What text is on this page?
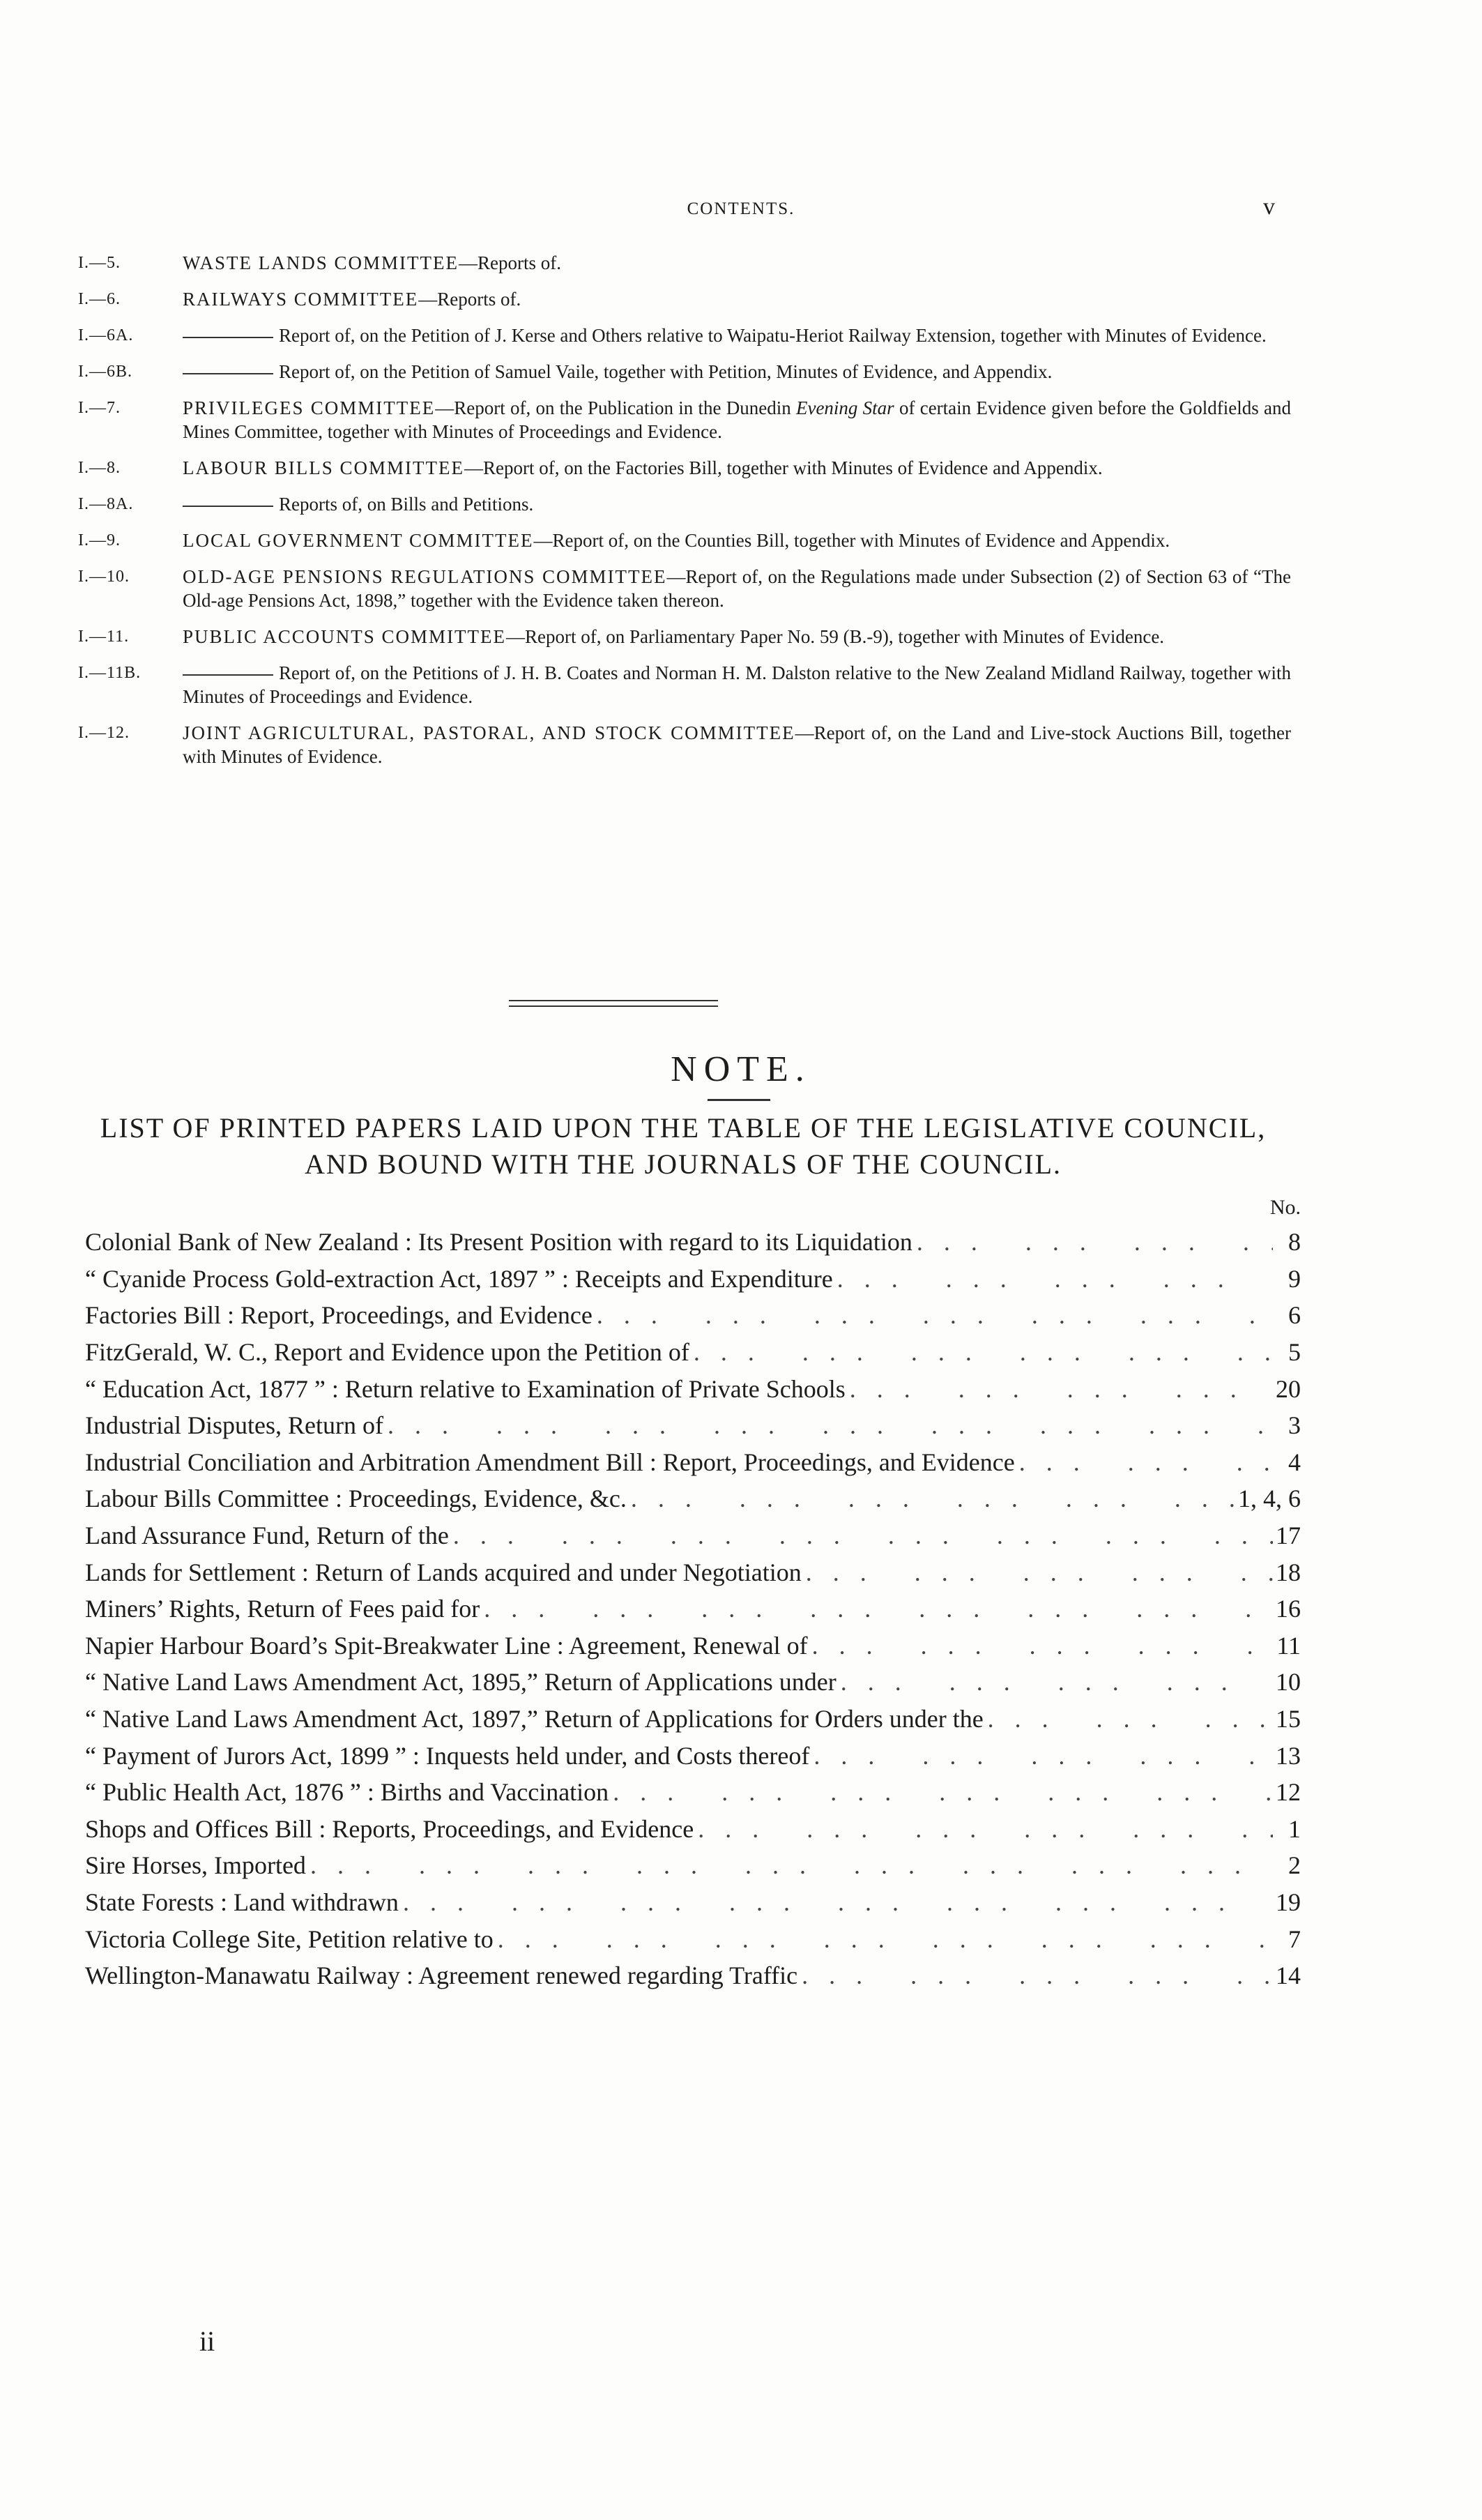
CONTENTS.	v
I.—5.	WASTE LANDS COMMITTEE—Reports of.
I.—6.	RAILWAYS COMMITTEE—Reports of.
I.—6A.	Report of, on the Petition of J. Kerse and Others relative to Waipatu-Heriot Railway Extension, together with Minutes of Evidence.
I.—6B.	Report of, on the Petition of Samuel Vaile, together with Petition, Minutes of Evidence, and Appendix.
I.—7.	PRIVILEGES COMMITTEE—Report of, on the Publication in the Dunedin Evening Star of certain Evidence given before the Goldfields and Mines Committee, together with Minutes of Proceedings and Evidence.
I.—8.	LABOUR BILLS COMMITTEE—Report of, on the Factories Bill, together with Minutes of Evidence and Appendix.
I.—8A.	Reports of, on Bills and Petitions.
I.—9.	LOCAL GOVERNMENT COMMITTEE—Report of, on the Counties Bill, together with Minutes of Evidence and Appendix.
I.—10.	OLD-AGE PENSIONS REGULATIONS COMMITTEE—Report of, on the Regulations made under Subsection (2) of Section 63 of “The Old-age Pensions Act, 1898,” together with the Evidence taken thereon.
I.—11.	PUBLIC ACCOUNTS COMMITTEE—Report of, on Parliamentary Paper No. 59 (B.-9), together with Minutes of Evidence.
I.—11B.	Report of, on the Petitions of J. H. B. Coates and Norman H. M. Dalston relative to the New Zealand Midland Railway, together with Minutes of Proceedings and Evidence.
I.—12.	JOINT AGRICULTURAL, PASTORAL, AND STOCK COMMITTEE—Report of, on the Land and Live-stock Auctions Bill, together with Minutes of Evidence.
NOTE.
LIST OF PRINTED PAPERS LAID UPON THE TABLE OF THE LEGISLATIVE COUNCIL, AND BOUND WITH THE JOURNALS OF THE COUNCIL.
No.
Colonial Bank of New Zealand : Its Present Position with regard to its Liquidation ... .	8
“ Cyanide Process Gold-extraction Act, 1897 ” : Receipts and Expenditure ... .	9
Factories Bill : Report, Proceedings, and Evidence ... .	6
FitzGerald, W. C., Report and Evidence upon the Petition of ... .	5
“ Education Act, 1877 ” : Return relative to Examination of Private Schools ... .	20
Industrial Disputes, Return of ... .	3
Industrial Conciliation and Arbitration Amendment Bill : Report, Proceedings, and Evidence ... .	4
Labour Bills Committee : Proceedings, Evidence, &c. ... .	1, 4, 6
Land Assurance Fund, Return of the ... .	17
Lands for Settlement : Return of Lands acquired and under Negotiation ... .	18
Miners’ Rights, Return of Fees paid for ... .	16
Napier Harbour Board’s Spit-Breakwater Line : Agreement, Renewal of ... .	11
“ Native Land Laws Amendment Act, 1895,” Return of Applications under ... .	10
“ Native Land Laws Amendment Act, 1897,” Return of Applications for Orders under the ... .	15
“ Payment of Jurors Act, 1899 ” : Inquests held under, and Costs thereof ... .	13
“ Public Health Act, 1876 ” : Births and Vaccination ... .	12
Shops and Offices Bill : Reports, Proceedings, and Evidence ... .	1
Sire Horses, Imported ... .	2
State Forests : Land withdrawn ... .	19
Victoria College Site, Petition relative to ... .	7
Wellington-Manawatu Railway : Agreement renewed regarding Traffic ... .	14
ii
